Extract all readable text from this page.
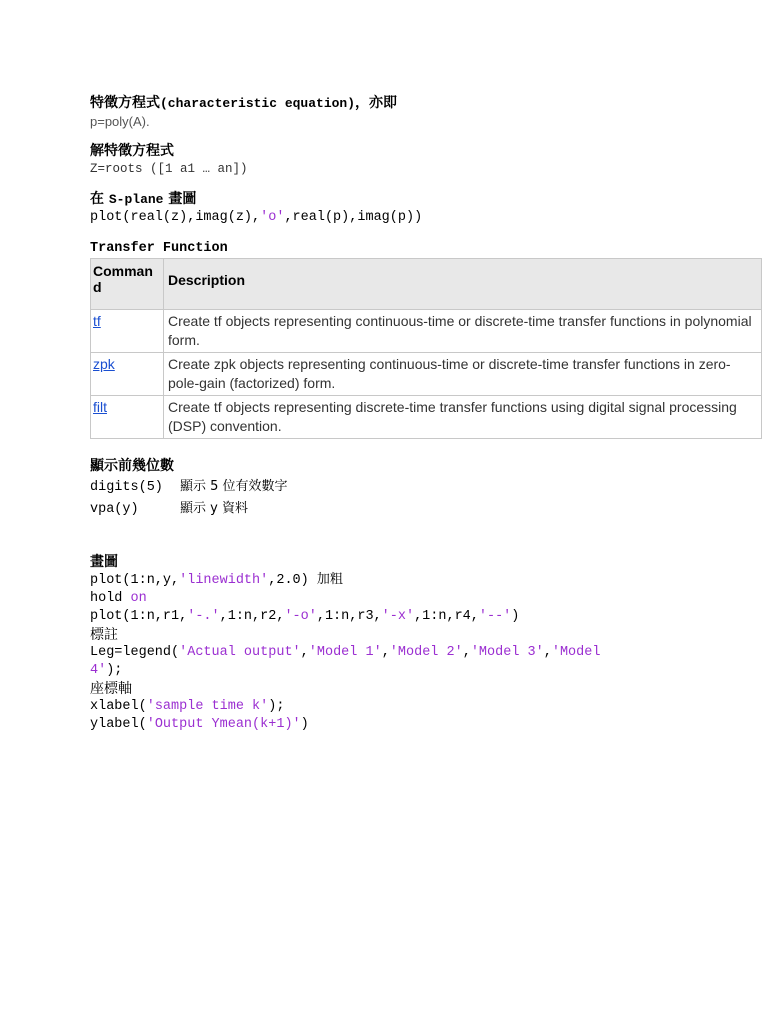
特徵方程式(characteristic equation)，亦即
p=poly(A).
解特徵方程式
Z=roots ([1 a1 … an])
在 S-plane 畫圖
plot(real(z),imag(z),'o',real(p),imag(p))
Transfer Function
Comman d	Description
tf	Create tf objects representing continuous-time or discrete-time transfer functions in polynomial form.
zpk	Create zpk objects representing continuous-time or discrete-time transfer functions in zero-pole-gain (factorized) form.
filt	Create tf objects representing discrete-time transfer functions using digital signal processing (DSP) convention.
顯示前幾位數
digits(5) 顯示 5 位有效數字
vpa(y)	顯示 y 資料
畫圖
plot(1:n,y,'linewidth',2.0) 加粗
hold on
plot(1:n,r1,'-.',1:n,r2,'-o',1:n,r3,'-x',1:n,r4,'--')
標註
Leg=legend('Actual output','Model 1','Model 2','Model 3','Model
4');
座標軸
xlabel('sample time k');
ylabel('Output Ymean(k+1)')
